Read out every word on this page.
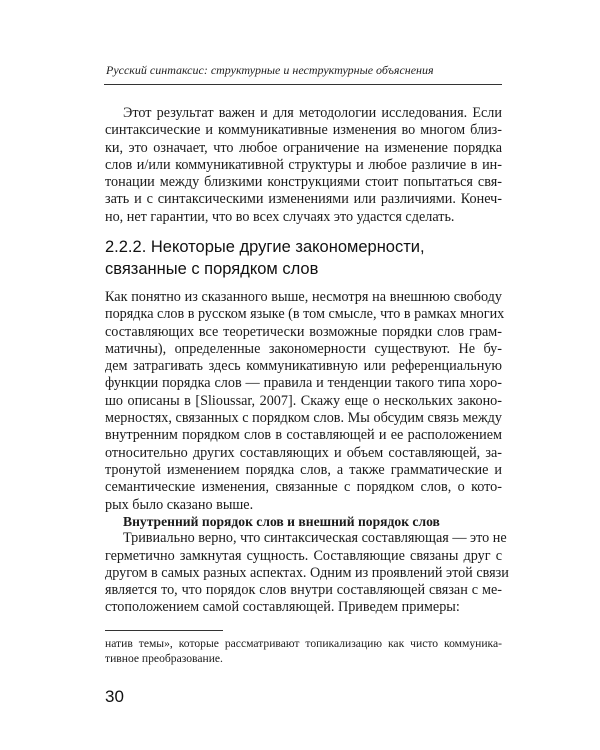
Русский синтаксис: структурные и неструктурные объяснения
Этот результат важен и для методологии исследования. Если
синтаксические и коммуникативные изменения во многом близ-
ки, это означает, что любое ограничение на изменение порядка
слов и/или коммуникативной структуры и любое различие в ин-
тонации между близкими конструкциями стоит попытаться свя-
зать и с синтаксическими изменениями или различиями. Конеч-
но, нет гарантии, что во всех случаях это удастся сделать.
2.2.2. Некоторые другие закономерности,
связанные с порядком слов
Как понятно из сказанного выше, несмотря на внешнюю свободу
порядка слов в русском языке (в том смысле, что в рамках многих
составляющих все теоретически возможные порядки слов грам-
матичны), определенные закономерности существуют. Не бу-
дем затрагивать здесь коммуникативную или референциальную
функции порядка слов — правила и тенденции такого типа хоро-
шо описаны в [Slioussar, 2007]. Скажу еще о нескольких законо-
мерностях, связанных с порядком слов. Мы обсудим связь между
внутренним порядком слов в составляющей и ее расположением
относительно других составляющих и объем составляющей, за-
тронутой изменением порядка слов, а также грамматические и
семантические изменения, связанные с порядком слов, о кото-
рых было сказано выше.
Внутренний порядок слов и внешний порядок слов
Тривиально верно, что синтаксическая составляющая — это не
герметично замкнутая сущность. Составляющие связаны друг с
другом в самых разных аспектах. Одним из проявлений этой связи
является то, что порядок слов внутри составляющей связан с ме-
стоположением самой составляющей. Приведем примеры:
натив темы», которые рассматривают топикализацию как чисто коммуника-
тивное преобразование.
30
